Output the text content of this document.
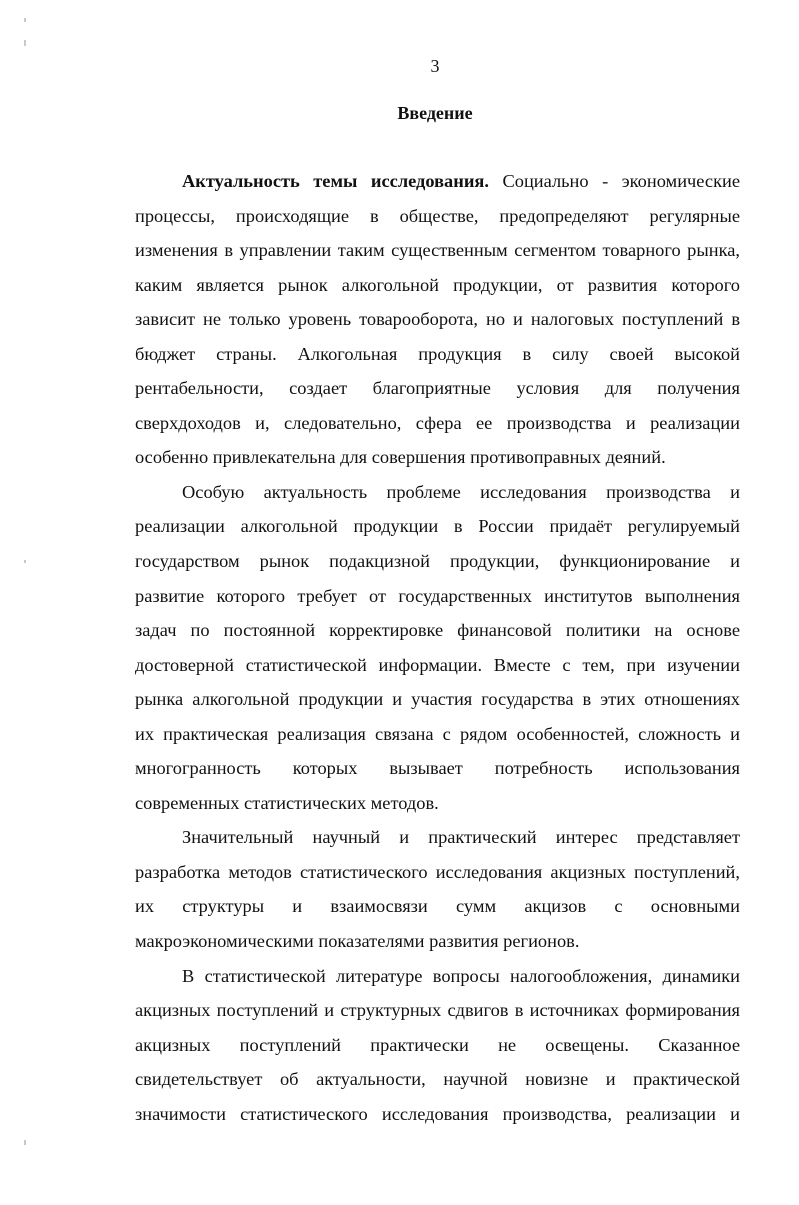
3
Введение
Актуальность темы исследования. Социально - экономические
процессы, происходящие в обществе, предопределяют регулярные
изменения в управлении таким существенным сегментом товарного рынка,
каким является рынок алкогольной продукции, от развития которого
зависит не только уровень товарооборота, но и налоговых поступлений в
бюджет страны. Алкогольная продукция в силу своей высокой
рентабельности, создает благоприятные условия для получения
сверхдоходов и, следовательно, сфера ее производства и реализации
особенно привлекательна для совершения противоправных деяний.
Особую актуальность проблеме исследования производства и
реализации алкогольной продукции в России придаёт регулируемый
государством рынок подакцизной продукции, функционирование и
развитие которого требует от государственных институтов выполнения
задач по постоянной корректировке финансовой политики на основе
достоверной статистической информации. Вместе с тем, при изучении
рынка алкогольной продукции и участия государства в этих отношениях
их практическая реализация связана с рядом особенностей, сложность и
многогранность которых вызывает потребность использования
современных статистических методов.
Значительный научный и практический интерес представляет
разработка методов статистического исследования акцизных поступлений,
их структуры и взаимосвязи сумм акцизов с основными
макроэкономическими показателями развития регионов.
В статистической литературе вопросы налогообложения, динамики
акцизных поступлений и структурных сдвигов в источниках формирования
акцизных поступлений практически не освещены. Сказанное
свидетельствует об актуальности, научной новизне и практической
значимости статистического исследования производства, реализации и
